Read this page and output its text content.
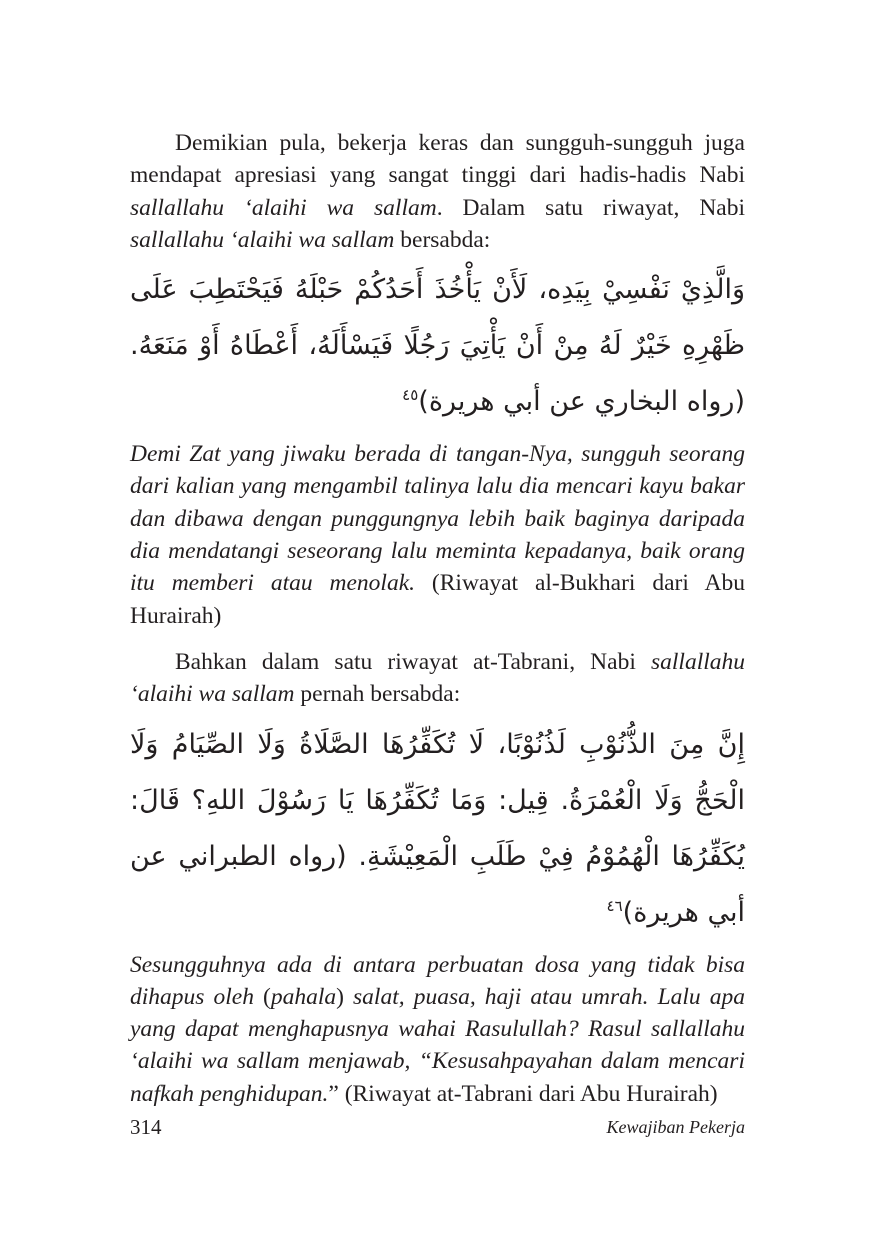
Demikian pula, bekerja keras dan sungguh-sungguh juga mendapat apresiasi yang sangat tinggi dari hadis-hadis Nabi sallallahu ‘alaihi wa sallam. Dalam satu riwayat, Nabi sallallahu ‘alaihi wa sallam bersabda:

وَالَّذِيْ نَفْسِيْ بِيَدِه، لَأَنْ يَأْخُذَ أَحَدُكُمْ حَبْلَهُ فَيَحْتَطِبَ عَلَى ظَهْرِهِ خَيْرٌ لَهُ مِنْ أَنْ يَأْتِيَ رَجُلًا فَيَسْأَلَهُ، أَعْطَاهُ أَوْ مَنَعَهُ. (رواه البخاري عن أبي هريرة)$^{٤٥}$

Demi Zat yang jiwaku berada di tangan-Nya, sungguh seorang dari kalian yang mengambil talinya lalu dia mencari kayu bakar dan dibawa dengan punggungnya lebih baik baginya daripada dia mendatangi seseorang lalu meminta kepadanya, baik orang itu memberi atau menolak. (Riwayat al-Bukhari dari Abu Hurairah)

Bahkan dalam satu riwayat at-Tabrani, Nabi sallallahu ‘alaihi wa sallam pernah bersabda:

إِنَّ مِنَ الذُّنُوْبِ لَذُنُوْبًا، لَا تُكَفِّرُهَا الصَّلَاةُ وَلَا الصِّيَامُ وَلَا الْحَجُّ وَلَا الْعُمْرَةُ. قِيل: وَمَا تُكَفِّرُهَا يَا رَسُوْلَ اللهِ؟ قَالَ: يُكَفِّرُهَا الْهُمُوْمُ فِيْ طَلَبِ الْمَعِيْشَةِ. (رواه الطبراني عن أبي هريرة)$^{٤٦}$

Sesungguhnya ada di antara perbuatan dosa yang tidak bisa dihapus oleh (pahala) salat, puasa, haji atau umrah. Lalu apa yang dapat menghapusnya wahai Rasulullah? Rasul sallallahu ‘alaihi wa sallam menjawab, “Kesusahpayahan dalam mencari nafkah penghidupan.” (Riwayat at-Tabrani dari Abu Hurairah)

314	Kewajiban Pekerja
